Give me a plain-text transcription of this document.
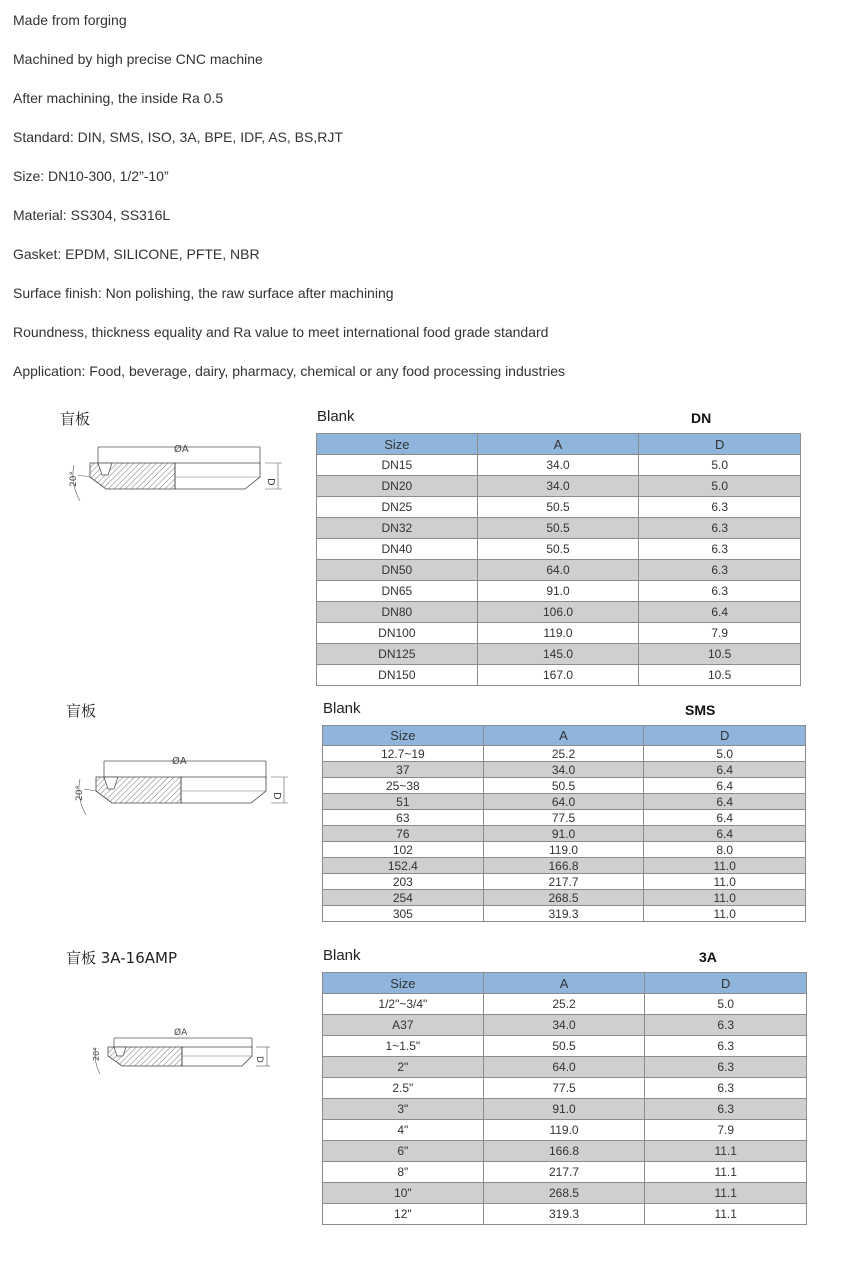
Made from forging

Machined by high precise CNC machine

After machining, the inside Ra 0.5

Standard: DIN, SMS, ISO, 3A, BPE, IDF, AS, BS,RJT

Size: DN10-300, 1/2”-10”

Material: SS304, SS316L

Gasket: EPDM, SILICONE, PFTE, NBR

Surface finish: Non polishing, the raw surface after machining

Roundness, thickness equality and Ra value to meet international food grade standard

Application: Food, beverage, dairy, pharmacy, chemical or any food processing industries

盲板	Blank	DN
ØA
D
20°
Size	A	D
DN15	34.0	5.0
DN20	34.0	5.0
DN25	50.5	6.3
DN32	50.5	6.3
DN40	50.5	6.3
DN50	64.0	6.3
DN65	91.0	6.3
DN80	106.0	6.4
DN100	119.0	7.9
DN125	145.0	10.5
DN150	167.0	10.5
盲板	Blank	SMS
ØA
D
20°
Size	A	D
12.7~19	25.2	5.0
37	34.0	6.4
25~38	50.5	6.4
51	64.0	6.4
63	77.5	6.4
76	91.0	6.4
102	119.0	8.0
152.4	166.8	11.0
203	217.7	11.0
254	268.5	11.0
305	319.3	11.0
盲板 3A-16AMP	Blank	3A
ØA
D
20°
Size	A	D
1/2"~3/4"	25.2	5.0
A37	34.0	6.3
1~1.5"	50.5	6.3
2"	64.0	6.3
2.5"	77.5	6.3
3"	91.0	6.3
4"	119.0	7.9
6"	166.8	11.1
8"	217.7	11.1
10"	268.5	11.1
12"	319.3	11.1
